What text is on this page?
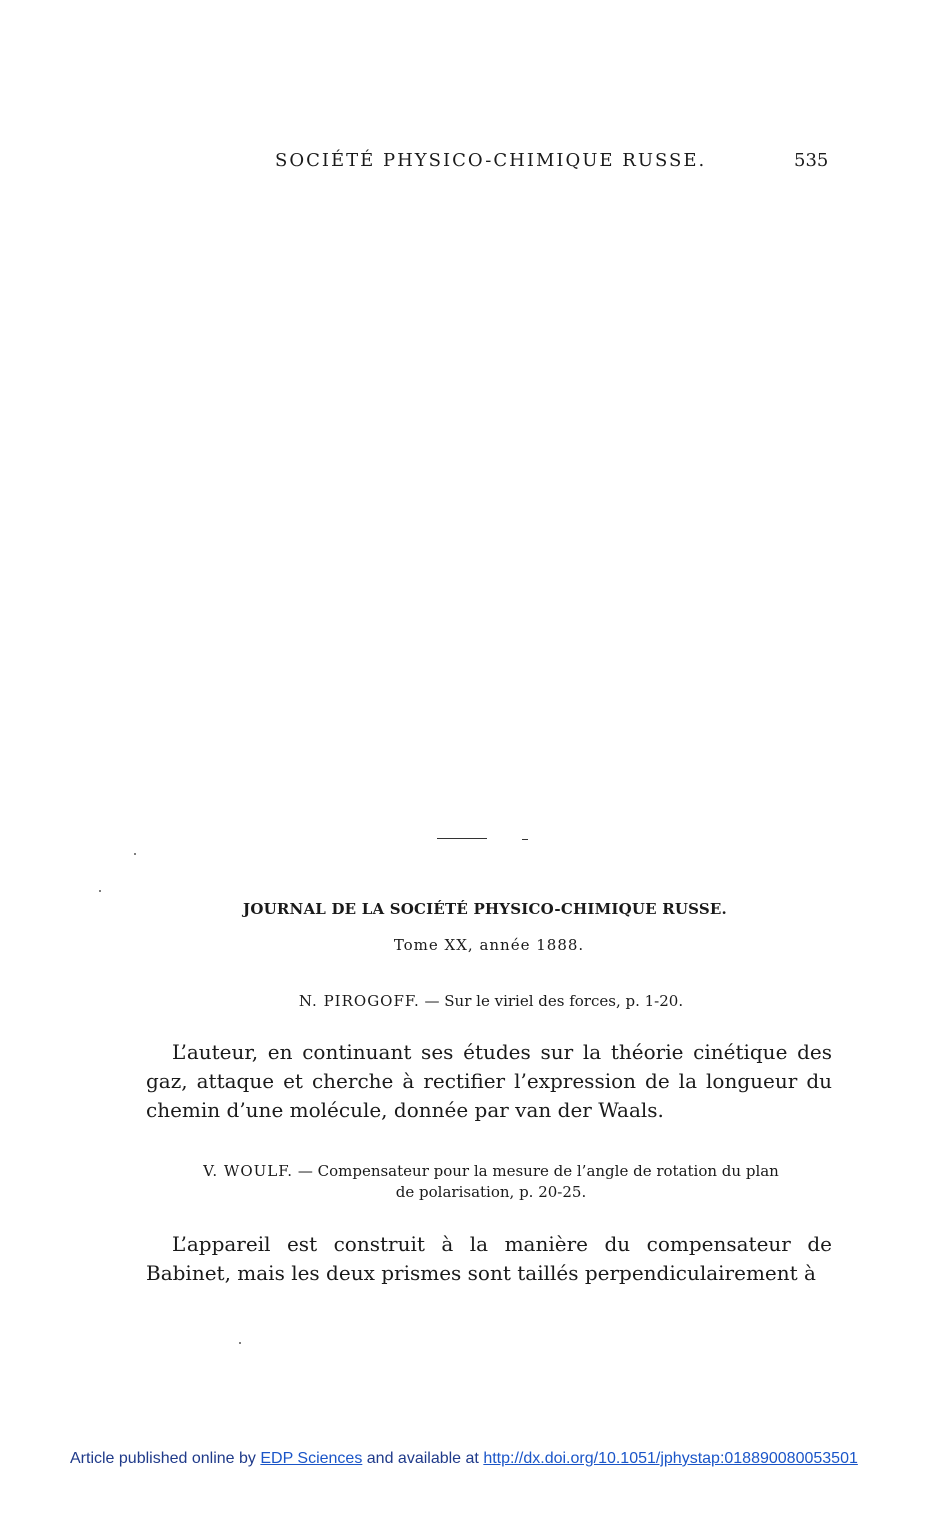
SOCIÉTÉ PHYSICO-CHIMIQUE RUSSE.	535
JOURNAL DE LA SOCIÉTÉ PHYSICO-CHIMIQUE RUSSE.
Tome XX, année 1888.
N. PIROGOFF. — Sur le viriel des forces, p. 1-20.

L’auteur, en continuant ses études sur la théorie cinétique des gaz, attaque et cherche à rectifier l’expression de la longueur du chemin d’une molécule, donnée par van der Waals.

V. WOULF. — Compensateur pour la mesure de l’angle de rotation du plan
de polarisation, p. 20-25.

L’appareil est construit à la manière du compensateur de Babinet, mais les deux prismes sont taillés perpendiculairement à

Article published online by EDP Sciences and available at http://dx.doi.org/10.1051/jphystap:018890080053501
